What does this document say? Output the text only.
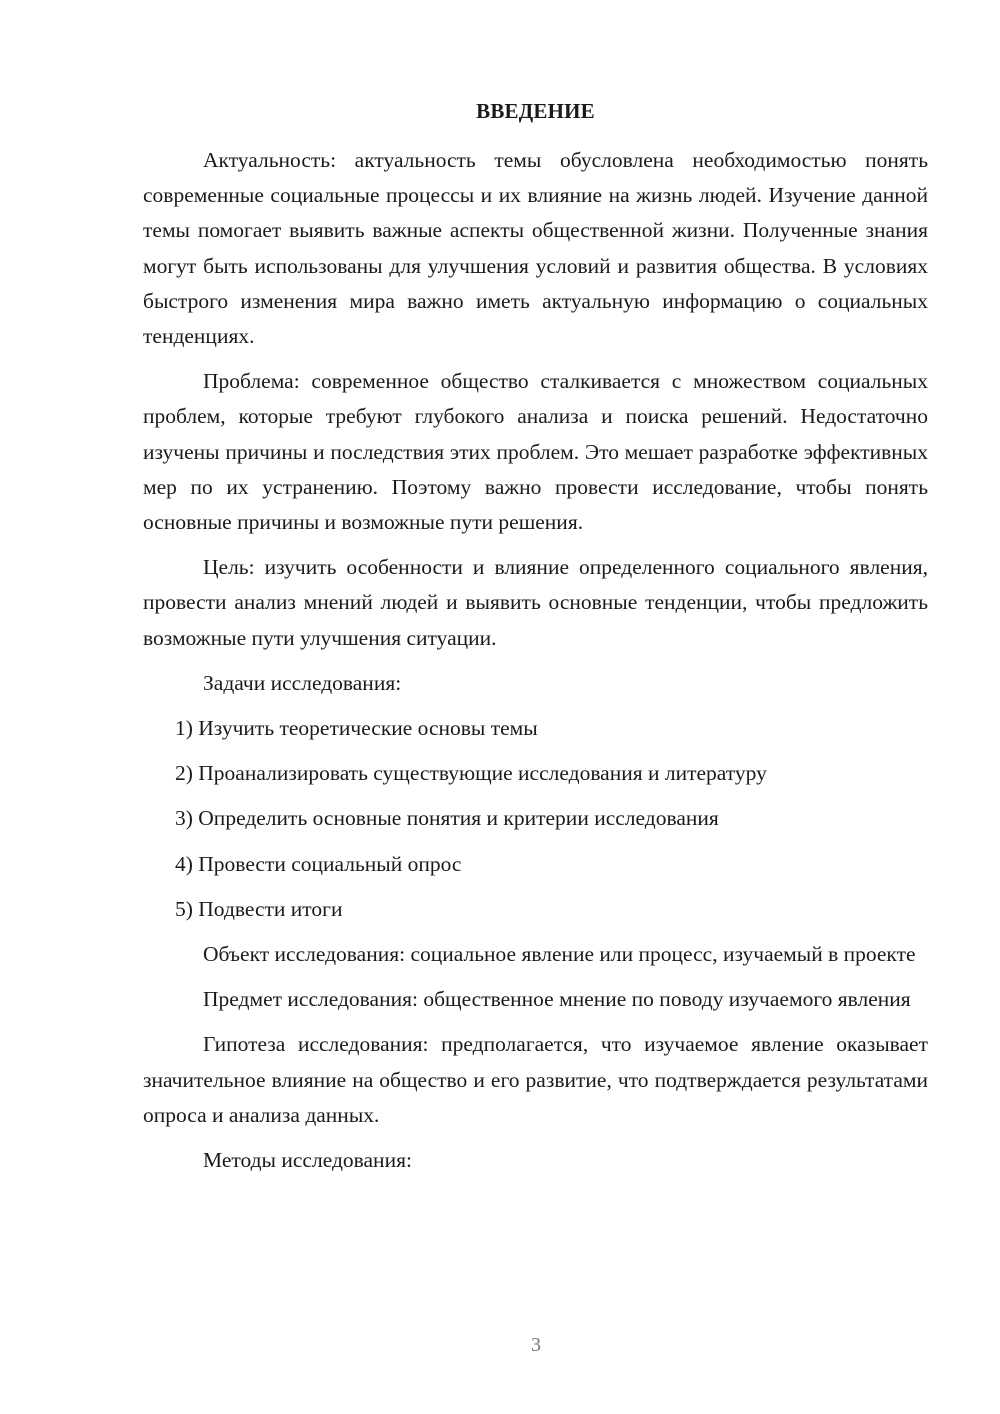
ВВЕДЕНИЕ

Актуальность: актуальность темы обусловлена необходимостью понять современные социальные процессы и их влияние на жизнь людей. Изучение данной темы помогает выявить важные аспекты общественной жизни. Полученные знания могут быть использованы для улучшения условий и развития общества. В условиях быстрого изменения мира важно иметь актуальную информацию о социальных тенденциях.

Проблема: современное общество сталкивается с множеством социальных проблем, которые требуют глубокого анализа и поиска решений. Недостаточно изучены причины и последствия этих проблем. Это мешает разработке эффективных мер по их устранению. Поэтому важно провести исследование, чтобы понять основные причины и возможные пути решения.

Цель: изучить особенности и влияние определенного социального явления, провести анализ мнений людей и выявить основные тенденции, чтобы предложить возможные пути улучшения ситуации.

Задачи исследования:

1) Изучить теоретические основы темы

2) Проанализировать существующие исследования и литературу

3) Определить основные понятия и критерии исследования

4) Провести социальный опрос

5) Подвести итоги

Объект исследования: социальное явление или процесс, изучаемый в проекте

Предмет исследования: общественное мнение по поводу изучаемого явления

Гипотеза исследования: предполагается, что изучаемое явление оказывает значительное влияние на общество и его развитие, что подтверждается результатами опроса и анализа данных.

Методы исследования:

3
